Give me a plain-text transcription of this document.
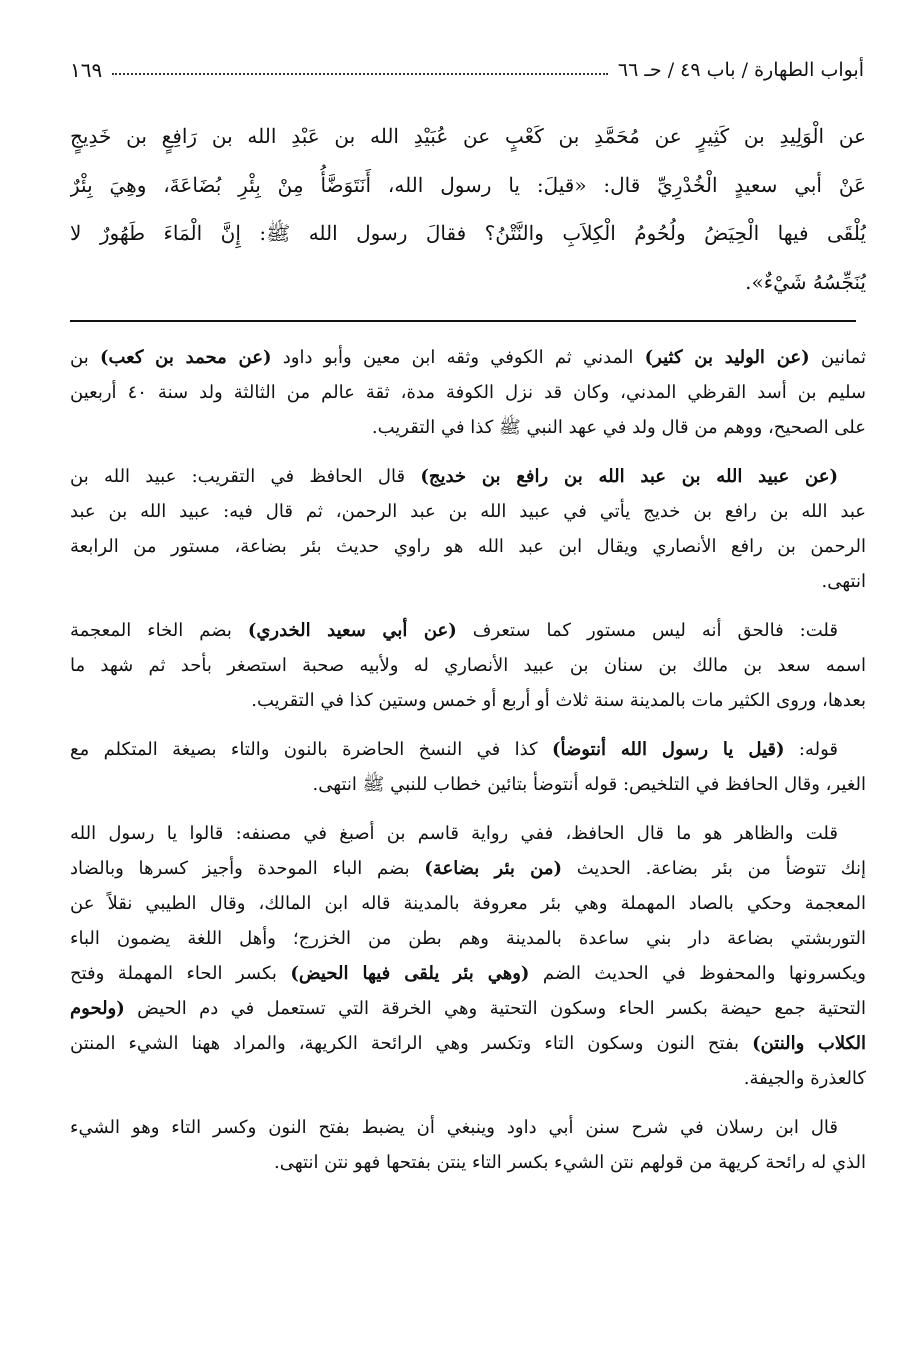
أبواب الطهارة / باب ٤٩ / حـ ٦٦
١٦٩
عن الْوَلِيدِ بن كَثِيرٍ عن مُحَمَّدِ بن كَعْبٍ عن عُبَيْدِ الله بن عَبْدِ الله بن رَافِعٍ بن خَدِيجٍ
عَنْ أبي سعيدٍ الْخُدْرِيِّ قال: «قيلَ: يا رسول الله، أَنَتَوَضَّأُ مِنْ بِئْرِ بُضَاعَةَ، وهِيَ بِئْرٌ
يُلْقَى فيها الْحِيَضُ ولُحُومُ الْكِلاَبِ والنَّتْنُ؟ فقالَ رسول الله ﷺ: إِنَّ الْمَاءَ طَهُورٌ لا
يُنَجِّسُهُ شَيْءٌ».
ثمانين (عن الوليد بن كثير) المدني ثم الكوفي وثقه ابن معين وأبو داود (عن محمد بن كعب) بن
سليم بن أسد القرظي المدني، وكان قد نزل الكوفة مدة، ثقة عالم من الثالثة ولد سنة ٤٠ أربعين
على الصحيح، ووهم من قال ولد في عهد النبي ﷺ كذا في التقريب.
(عن عبيد الله بن عبد الله بن رافع بن خديج) قال الحافظ في التقريب: عبيد الله بن
عبد الله بن رافع بن خديج يأتي في عبيد الله بن عبد الرحمن، ثم قال فيه: عبيد الله بن عبد
الرحمن بن رافع الأنصاري ويقال ابن عبد الله هو راوي حديث بئر بضاعة، مستور من الرابعة
انتهى.
قلت: فالحق أنه ليس مستور كما ستعرف (عن أبي سعيد الخدري) بضم الخاء المعجمة
اسمه سعد بن مالك بن سنان بن عبيد الأنصاري له ولأبيه صحبة استصغر بأحد ثم شهد ما
بعدها، وروى الكثير مات بالمدينة سنة ثلاث أو أربع أو خمس وستين كذا في التقريب.
قوله: (قيل يا رسول الله أنتوضأ) كذا في النسخ الحاضرة بالنون والتاء بصيغة المتكلم مع
الغير، وقال الحافظ في التلخيص: قوله أنتوضأ بتائين خطاب للنبي ﷺ انتهى.
قلت والظاهر هو ما قال الحافظ، ففي رواية قاسم بن أصبغ في مصنفه: قالوا يا رسول الله
إنك تتوضأ من بئر بضاعة. الحديث (من بئر بضاعة) بضم الباء الموحدة وأجيز كسرها وبالضاد
المعجمة وحكي بالصاد المهملة وهي بئر معروفة بالمدينة قاله ابن المالك، وقال الطيبي نقلاً عن
التوربشتي بضاعة دار بني ساعدة بالمدينة وهم بطن من الخزرج؛ وأهل اللغة يضمون الباء
ويكسرونها والمحفوظ في الحديث الضم (وهي بئر يلقى فيها الحيض) بكسر الحاء المهملة وفتح
التحتية جمع حيضة بكسر الحاء وسكون التحتية وهي الخرقة التي تستعمل في دم الحيض (ولحوم
الكلاب والنتن) بفتح النون وسكون التاء وتكسر وهي الرائحة الكريهة، والمراد ههنا الشيء المنتن
كالعذرة والجيفة.
قال ابن رسلان في شرح سنن أبي داود وينبغي أن يضبط بفتح النون وكسر التاء وهو الشيء
الذي له رائحة كريهة من قولهم نتن الشيء بكسر التاء ينتن بفتحها فهو نتن انتهى.
